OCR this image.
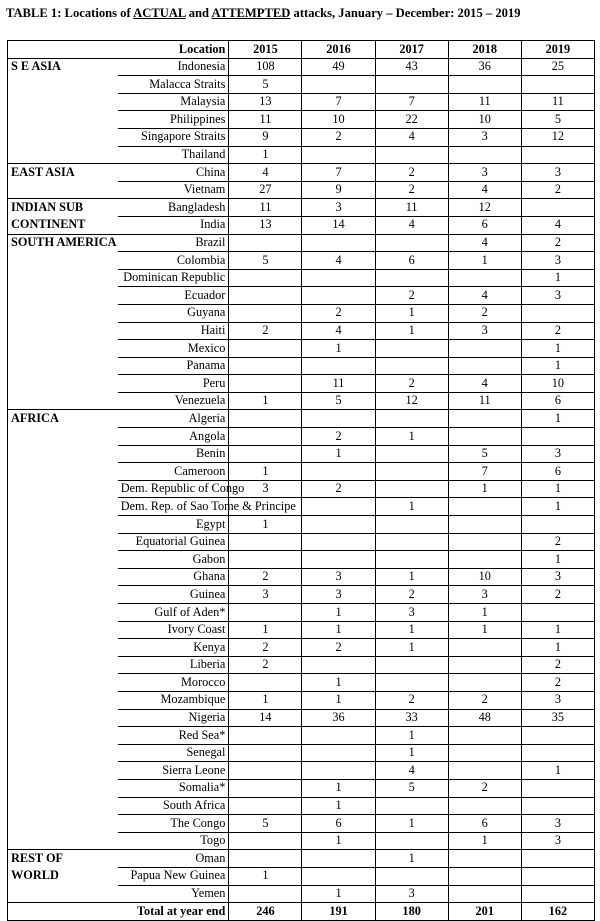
TABLE 1: Locations of ACTUAL and ATTEMPTED attacks, January – December: 2015 – 2019
	Location	2015	2016	2017	2018	2019
S E ASIA	Indonesia	108	49	43	36	25
	Malacca Straits	5				
	Malaysia	13	7	7	11	11
	Philippines	11	10	22	10	5
	Singapore Straits	9	2	4	3	12
	Thailand	1				
EAST ASIA	China	4	7	2	3	3
	Vietnam	27	9	2	4	2
INDIAN SUB	Bangladesh	11	3	11	12	
CONTINENT	India	13	14	4	6	4
SOUTH AMERICA	Brazil				4	2
	Colombia	5	4	6	1	3
	Dominican Republic					1
	Ecuador			2	4	3
	Guyana		2	1	2	
	Haiti	2	4	1	3	2
	Mexico		1			1
	Panama					1
	Peru		11	2	4	10
	Venezuela	1	5	12	11	6
AFRICA	Algeria					1
	Angola		2	1		
	Benin		1		5	3
	Cameroon	1			7	6
	Dem. Republic of Congo	3	2		1	1
	Dem. Rep. of Sao Tome & Principe			1		1
	Egypt	1				
	Equatorial Guinea					2
	Gabon					1
	Ghana	2	3	1	10	3
	Guinea	3	3	2	3	2
	Gulf of Aden*		1	3	1	
	Ivory Coast	1	1	1	1	1
	Kenya	2	2	1		1
	Liberia	2				2
	Morocco		1			2
	Mozambique	1	1	2	2	3
	Nigeria	14	36	33	48	35
	Red Sea*			1		
	Senegal			1		
	Sierra Leone			4		1
	Somalia*		1	5	2	
	South Africa		1			
	The Congo	5	6	1	6	3
	Togo		1		1	3
REST OF	Oman			1		
WORLD	Papua New Guinea	1				
	Yemen		1	3		
	Total at year end	246	191	180	201	162
